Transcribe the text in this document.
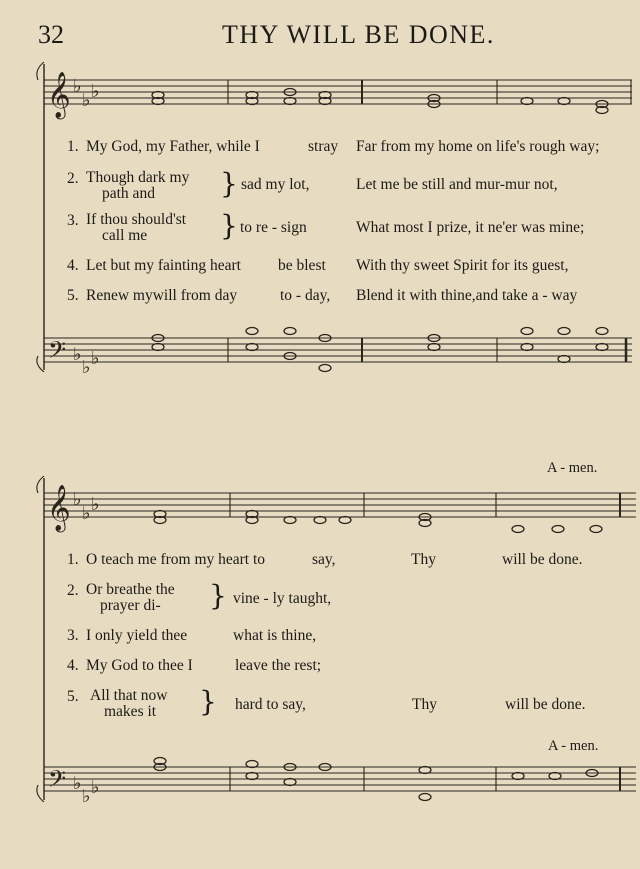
32	THY WILL BE DONE.
𝄞 ♭
♭ ♭
𝄢 ♭
♭ ♭
𝄞 ♭
♭ ♭
𝄢 ♭
♭ ♭
1. My God, my Father, while I	stray Far from my home on life's rough way;
2. Though dark my
path and } sad my lot,	Let me be still and mur-mur not,
3. If thou should'st
call me	} to re - sign	What most I prize, it ne'er was mine;
4. Let but my fainting heart be blest With thy sweet Spirit for its guest,
5. Renew mywill from day	to - day, Blend it with thine,and take a - way
A - men.
1. O teach me from my heart to	say,	Thy	will be done.
2. Or breathe the
prayer di- } vine - ly taught,
3. I only yield thee	what is thine,
4. My God to thee I	leave the rest;
5. All that now
makes it } hard to say,	Thy	will be done.
A - men.
